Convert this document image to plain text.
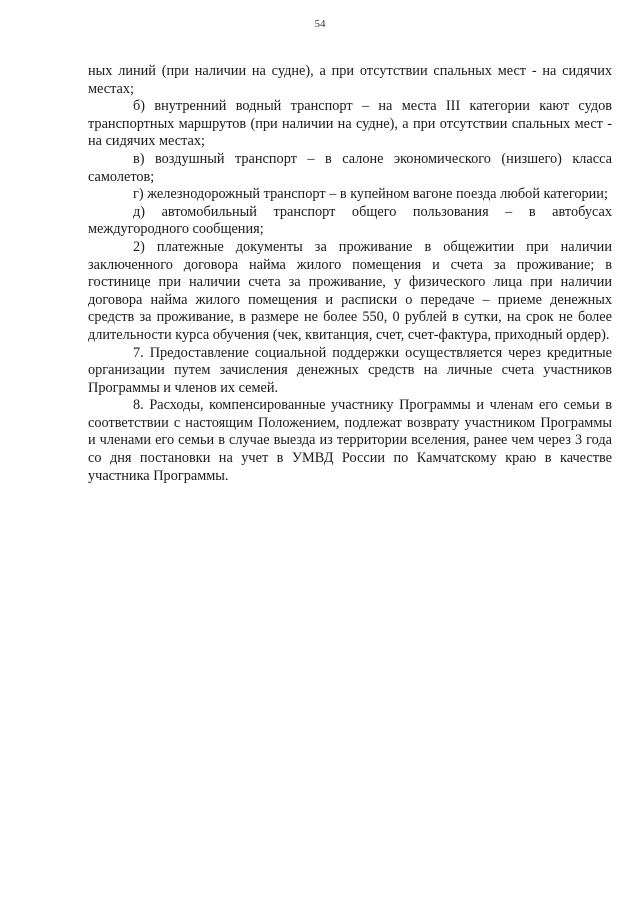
54

ных линий (при наличии на судне), а при отсутствии спальных мест - на сидячих местах;

б) внутренний водный транспорт – на места III категории кают судов транспортных маршрутов (при наличии на судне), а при отсутствии спальных мест - на сидячих местах;

в) воздушный транспорт – в салоне экономического (низшего) класса самолетов;

г) железнодорожный транспорт – в купейном вагоне поезда любой категории;

д) автомобильный транспорт общего пользования – в автобусах междугородного сообщения;

2) платежные документы за проживание в общежитии при наличии заключенного договора найма жилого помещения и счета за проживание; в гостинице при наличии счета за проживание, у физического лица при наличии договора найма жилого помещения и расписки о передаче – приеме денежных средств за проживание, в размере не более 550, 0 рублей в сутки, на срок не более длительности курса обучения (чек, квитанция, счет, счет-фактура, приходный ордер).

7. Предоставление социальной поддержки осуществляется через кредитные организации путем зачисления денежных средств на личные счета участников Программы и членов их семей.

8. Расходы, компенсированные участнику Программы и членам его семьи в соответствии с настоящим Положением, подлежат возврату участником Программы и членами его семьи в случае выезда из территории вселения, ранее чем через 3 года со дня постановки на учет в УМВД России по Камчатскому краю в качестве участника Программы.
